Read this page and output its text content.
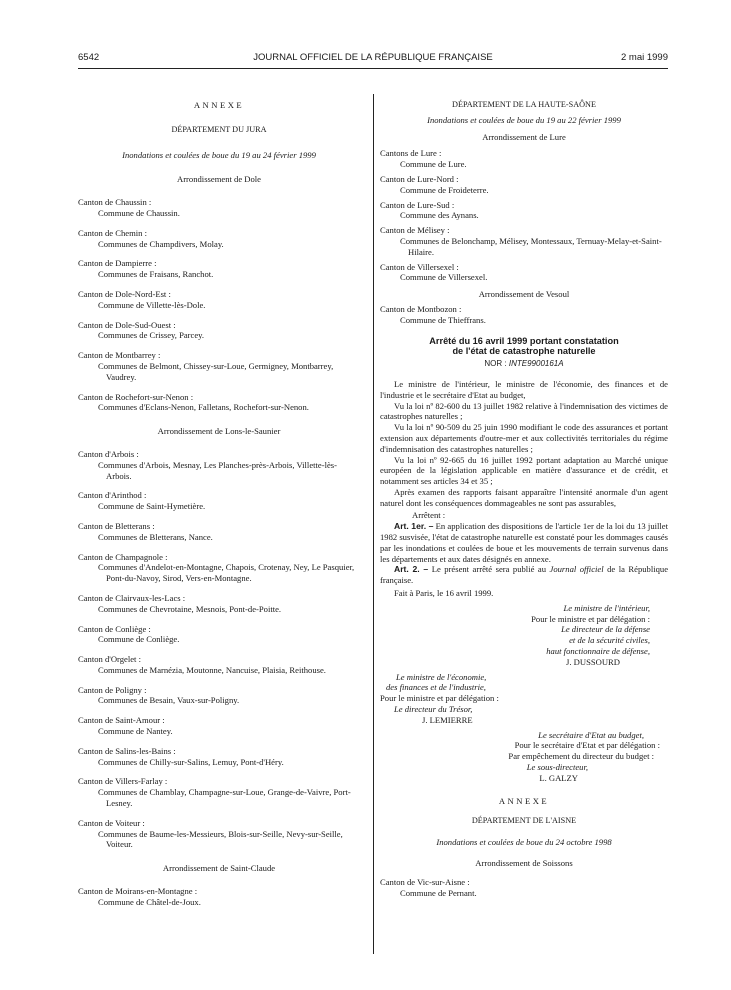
6542	JOURNAL OFFICIEL DE LA RÉPUBLIQUE FRANÇAISE	2 mai 1999
ANNEXE
DÉPARTEMENT DU JURA
Inondations et coulées de boue du 19 au 24 février 1999
Arrondissement de Dole
Canton de Chaussin :
Commune de Chaussin.
Canton de Chemin :
Communes de Champdivers, Molay.
Canton de Dampierre :
Communes de Fraisans, Ranchot.
Canton de Dole-Nord-Est :
Commune de Villette-lès-Dole.
Canton de Dole-Sud-Ouest :
Communes de Crissey, Parcey.
Canton de Montbarrey :
Communes de Belmont, Chissey-sur-Loue, Germigney, Montbarrey, Vaudrey.
Canton de Rochefort-sur-Nenon :
Communes d'Eclans-Nenon, Falletans, Rochefort-sur-Nenon.
Arrondissement de Lons-le-Saunier
Canton d'Arbois :
Communes d'Arbois, Mesnay, Les Planches-près-Arbois, Villette-lès-Arbois.
Canton d'Arinthod :
Commune de Saint-Hymetière.
Canton de Bletterans :
Communes de Bletterans, Nance.
Canton de Champagnole :
Communes d'Andelot-en-Montagne, Chapois, Crotenay, Ney, Le Pasquier, Pont-du-Navoy, Sirod, Vers-en-Montagne.
Canton de Clairvaux-les-Lacs :
Communes de Chevrotaine, Mesnois, Pont-de-Poitte.
Canton de Conliège :
Commune de Conliège.
Canton d'Orgelet :
Communes de Marnézia, Moutonne, Nancuise, Plaisia, Reithouse.
Canton de Poligny :
Communes de Besain, Vaux-sur-Poligny.
Canton de Saint-Amour :
Commune de Nantey.
Canton de Salins-les-Bains :
Communes de Chilly-sur-Salins, Lemuy, Pont-d'Héry.
Canton de Villers-Farlay :
Communes de Chamblay, Champagne-sur-Loue, Grange-de-Vaivre, Port-Lesney.
Canton de Voiteur :
Communes de Baume-les-Messieurs, Blois-sur-Seille, Nevy-sur-Seille, Voiteur.
Arrondissement de Saint-Claude
Canton de Moirans-en-Montagne :
Commune de Châtel-de-Joux.
DÉPARTEMENT DE LA HAUTE-SAÔNE
Inondations et coulées de boue du 19 au 22 février 1999
Arrondissement de Lure
Cantons de Lure :
Commune de Lure.
Canton de Lure-Nord :
Commune de Froideterre.
Canton de Lure-Sud :
Commune des Aynans.
Canton de Mélisey :
Communes de Belonchamp, Mélisey, Montessaux, Ternuay-Melay-et-Saint-Hilaire.
Canton de Villersexel :
Commune de Villersexel.
Arrondissement de Vesoul
Canton de Montbozon :
Commune de Thieffrans.
Arrêté du 16 avril 1999 portant constatation
de l'état de catastrophe naturelle
NOR : INTE9900161A
Le ministre de l'intérieur, le ministre de l'économie, des finances et de l'industrie et le secrétaire d'Etat au budget,
Vu la loi nº 82-600 du 13 juillet 1982 relative à l'indemnisation des victimes de catastrophes naturelles ;
Vu la loi nº 90-509 du 25 juin 1990 modifiant le code des assurances et portant extension aux départements d'outre-mer et aux collectivités territoriales du régime d'indemnisation des catastrophes naturelles ;
Vu la loi nº 92-665 du 16 juillet 1992 portant adaptation au Marché unique européen de la législation applicable en matière d'assurance et de crédit, et notamment ses articles 34 et 35 ;
Après examen des rapports faisant apparaître l'intensité anormale d'un agent naturel dont les conséquences dommageables ne sont pas assurables,
Arrêtent :
Art. 1er. – En application des dispositions de l'article 1er de la loi du 13 juillet 1982 susvisée, l'état de catastrophe naturelle est constaté pour les dommages causés par les inondations et coulées de boue et les mouvements de terrain survenus dans les départements et aux dates désignés en annexe.
Art. 2. – Le présent arrêté sera publié au Journal officiel de la République française.
Fait à Paris, le 16 avril 1999.
Le ministre de l'intérieur,
Pour le ministre et par délégation :
Le directeur de la défense
et de la sécurité civiles,
haut fonctionnaire de défense,
J. DUSSOURD
Le ministre de l'économie,
des finances et de l'industrie,
Pour le ministre et par délégation :
Le directeur du Trésor,
J. LEMIERRE
Le secrétaire d'Etat au budget,
Pour le secrétaire d'Etat et par délégation :
Par empêchement du directeur du budget :
Le sous-directeur,
L. GALZY
ANNEXE
DÉPARTEMENT DE L'AISNE
Inondations et coulées de boue du 24 octobre 1998
Arrondissement de Soissons
Canton de Vic-sur-Aisne :
Commune de Pernant.
